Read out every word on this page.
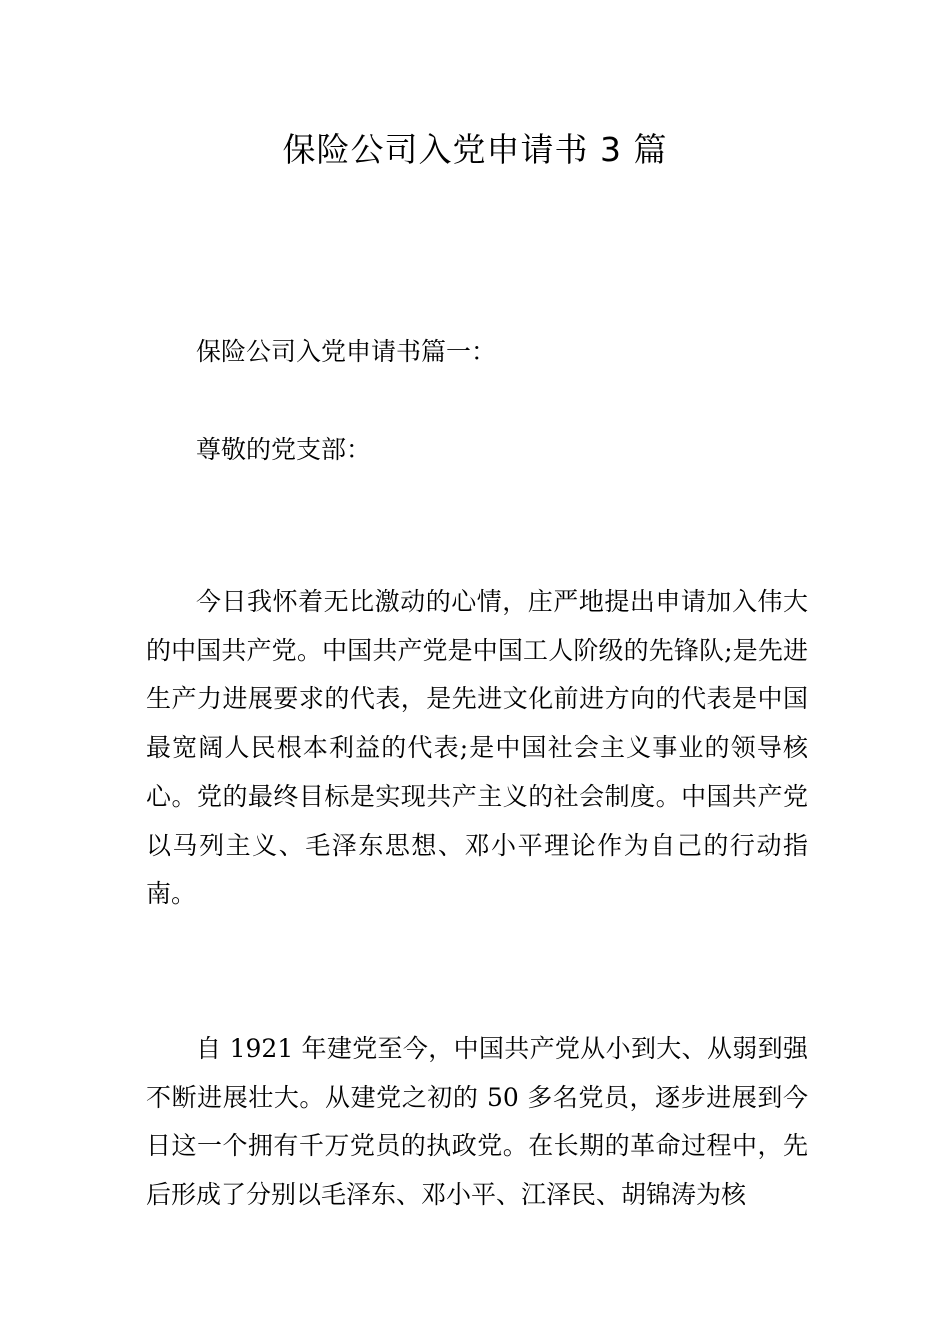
保险公司入党申请书 3 篇
保险公司入党申请书篇一：
尊敬的党支部：
今日我怀着无比激动的心情，庄严地提出申请加入伟大的中国共产党。中国共产党是中国工人阶级的先锋队;是先进生产力进展要求的代表，是先进文化前进方向的代表是中国最宽阔人民根本利益的代表;是中国社会主义事业的领导核心。党的最终目标是实现共产主义的社会制度。中国共产党以马列主义、毛泽东思想、邓小平理论作为自己的行动指南。
自 1921 年建党至今，中国共产党从小到大、从弱到强不断进展壮大。从建党之初的 50 多名党员，逐步进展到今日这一个拥有千万党员的执政党。在长期的革命过程中，先后形成了分别以毛泽东、邓小平、江泽民、胡锦涛为核
